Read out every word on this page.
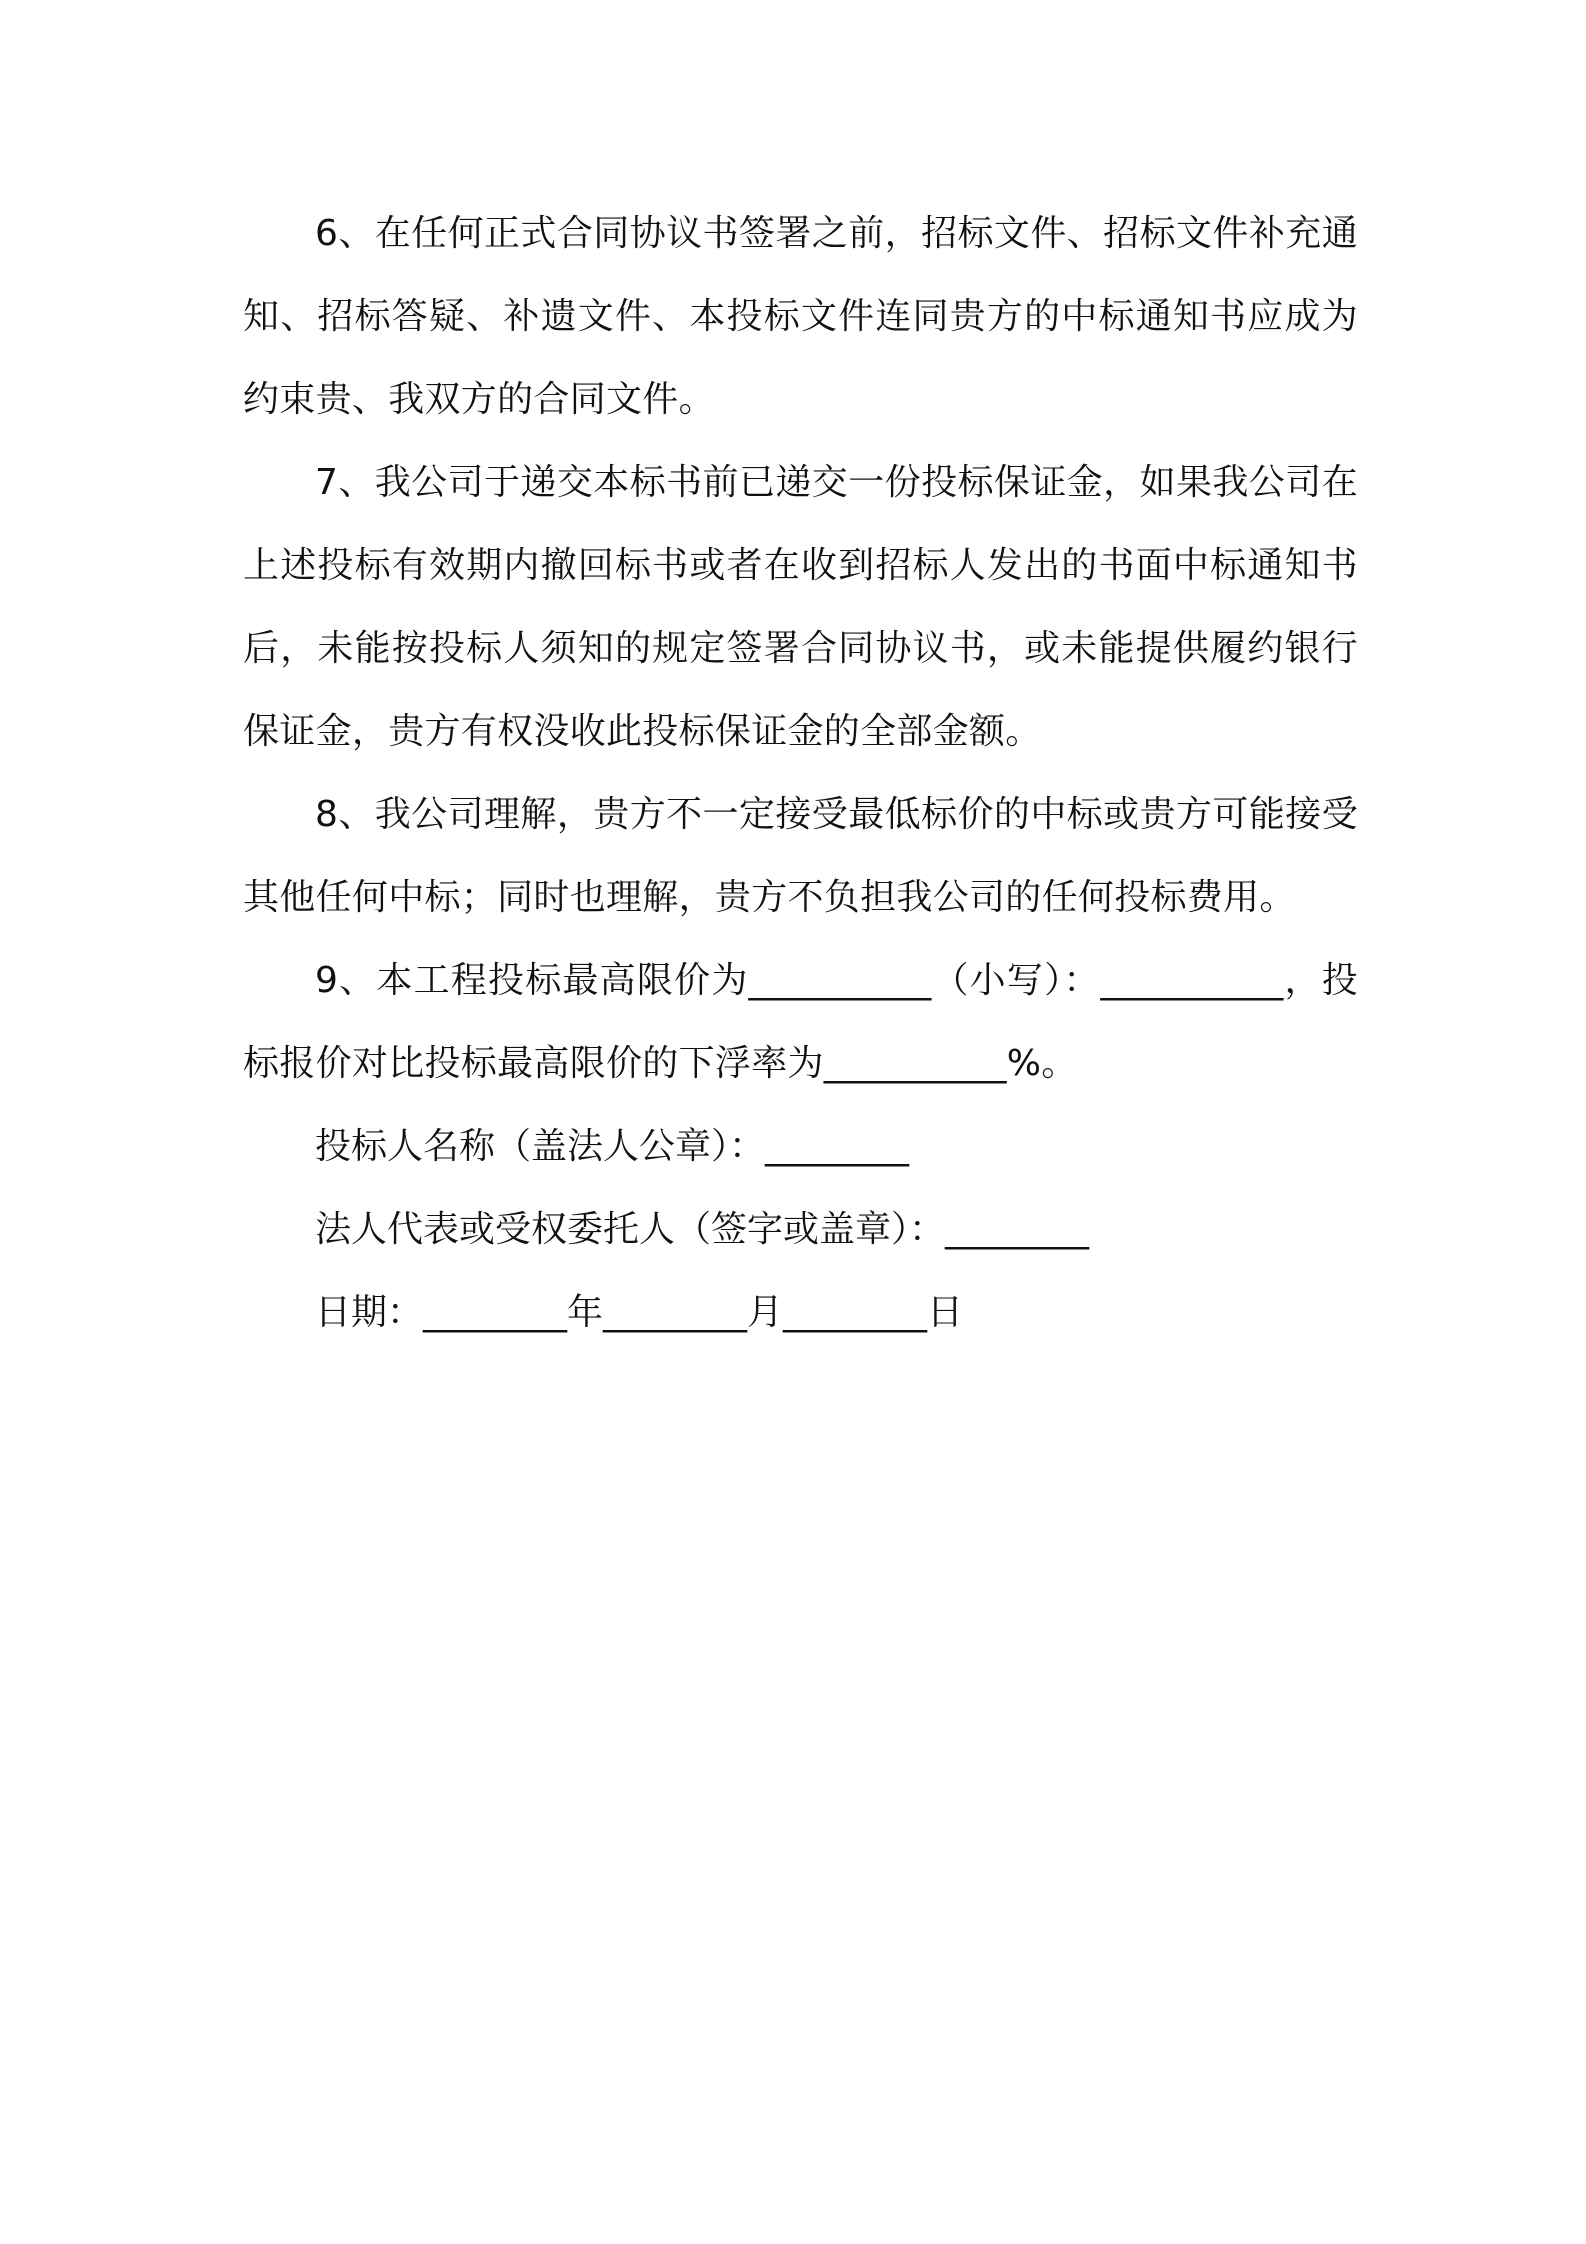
6、在任何正式合同协议书签署之前，招标文件、招标文件补充通知、招标答疑、补遗文件、本投标文件连同贵方的中标通知书应成为约束贵、我双方的合同文件。

7、我公司于递交本标书前已递交一份投标保证金，如果我公司在上述投标有效期内撤回标书或者在收到招标人发出的书面中标通知书后，未能按投标人须知的规定签署合同协议书，或未能提供履约银行保证金，贵方有权没收此投标保证金的全部金额。

8、我公司理解，贵方不一定接受最低标价的中标或贵方可能接受其他任何中标；同时也理解，贵方不负担我公司的任何投标费用。

9、本工程投标最高限价为__________（小写）：__________，投标报价对比投标最高限价的下浮率为__________%。

投标人名称（盖法人公章）：________

法人代表或受权委托人（签字或盖章）：________

日期：________年________月________日
